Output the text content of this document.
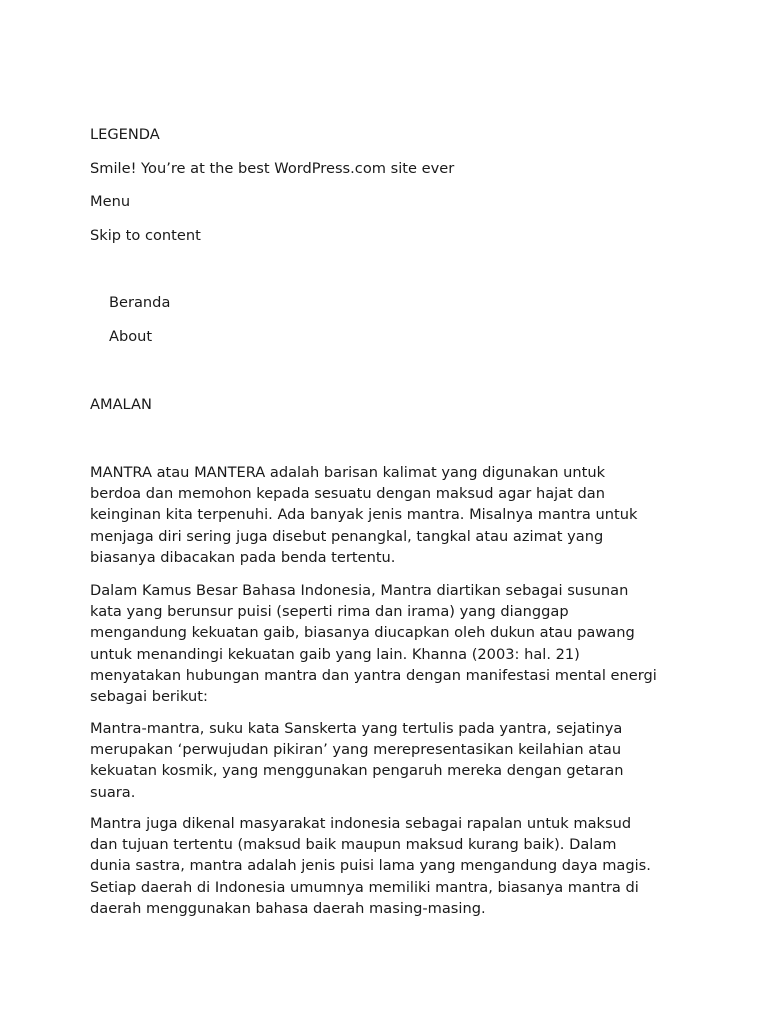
LEGENDA
Smile! You’re at the best WordPress.com site ever
Menu
Skip to content
Beranda
About
AMALAN

MANTRA atau MANTERA adalah barisan kalimat yang digunakan untuk
berdoa dan memohon kepada sesuatu dengan maksud agar hajat dan
keinginan kita terpenuhi. Ada banyak jenis mantra. Misalnya mantra untuk
menjaga diri sering juga disebut penangkal, tangkal atau azimat yang
biasanya dibacakan pada benda tertentu.

Dalam Kamus Besar Bahasa Indonesia, Mantra diartikan sebagai susunan
kata yang berunsur puisi (seperti rima dan irama) yang dianggap
mengandung kekuatan gaib, biasanya diucapkan oleh dukun atau pawang
untuk menandingi kekuatan gaib yang lain. Khanna (2003: hal. 21)
menyatakan hubungan mantra dan yantra dengan manifestasi mental energi
sebagai berikut:

Mantra-mantra, suku kata Sanskerta yang tertulis pada yantra, sejatinya
merupakan ‘perwujudan pikiran’ yang merepresentasikan keilahian atau
kekuatan kosmik, yang menggunakan pengaruh mereka dengan getaran
suara.

Mantra juga dikenal masyarakat indonesia sebagai rapalan untuk maksud
dan tujuan tertentu (maksud baik maupun maksud kurang baik). Dalam
dunia sastra, mantra adalah jenis puisi lama yang mengandung daya magis.
Setiap daerah di Indonesia umumnya memiliki mantra, biasanya mantra di
daerah menggunakan bahasa daerah masing-masing.
